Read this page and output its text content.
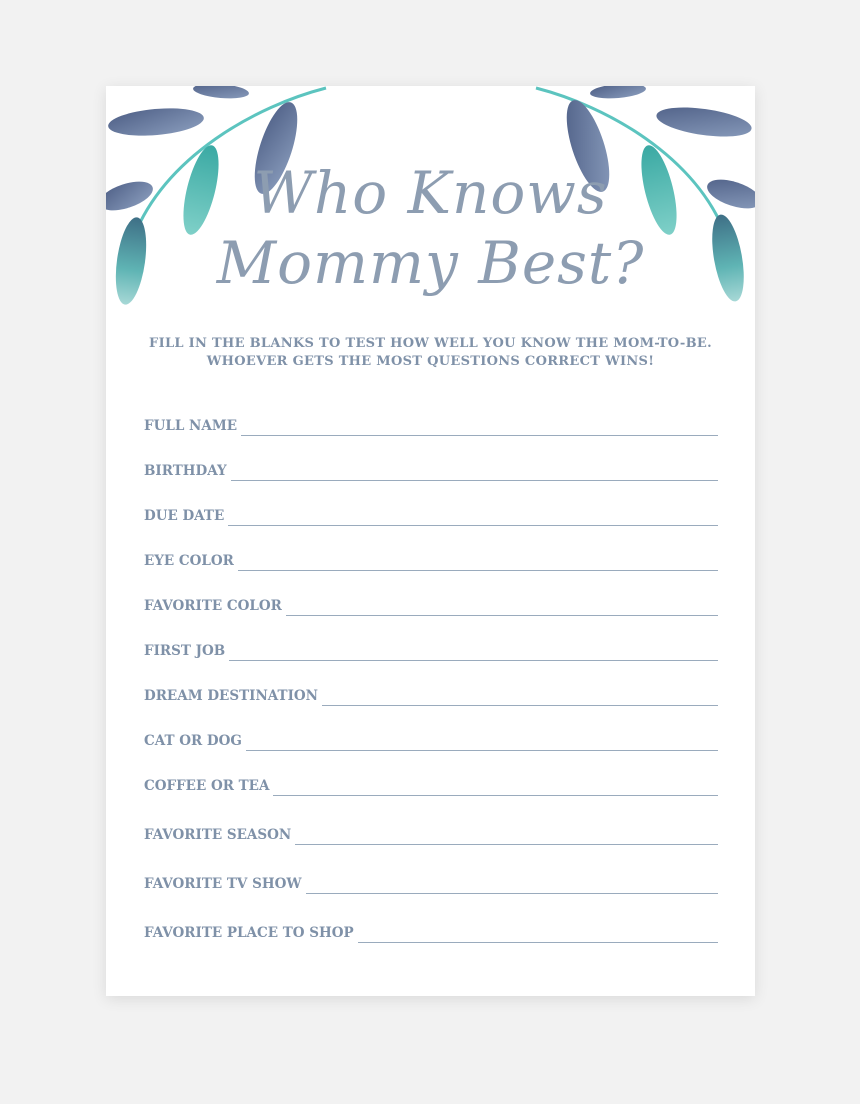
Who Knows
Mommy Best?
FILL IN THE BLANKS TO TEST HOW WELL YOU KNOW THE MOM-TO-BE.
WHOEVER GETS THE MOST QUESTIONS CORRECT WINS!
FULL NAME
BIRTHDAY
DUE DATE
EYE COLOR
FAVORITE COLOR
FIRST JOB
DREAM DESTINATION
CAT OR DOG
COFFEE OR TEA
FAVORITE SEASON
FAVORITE TV SHOW
FAVORITE PLACE TO SHOP
